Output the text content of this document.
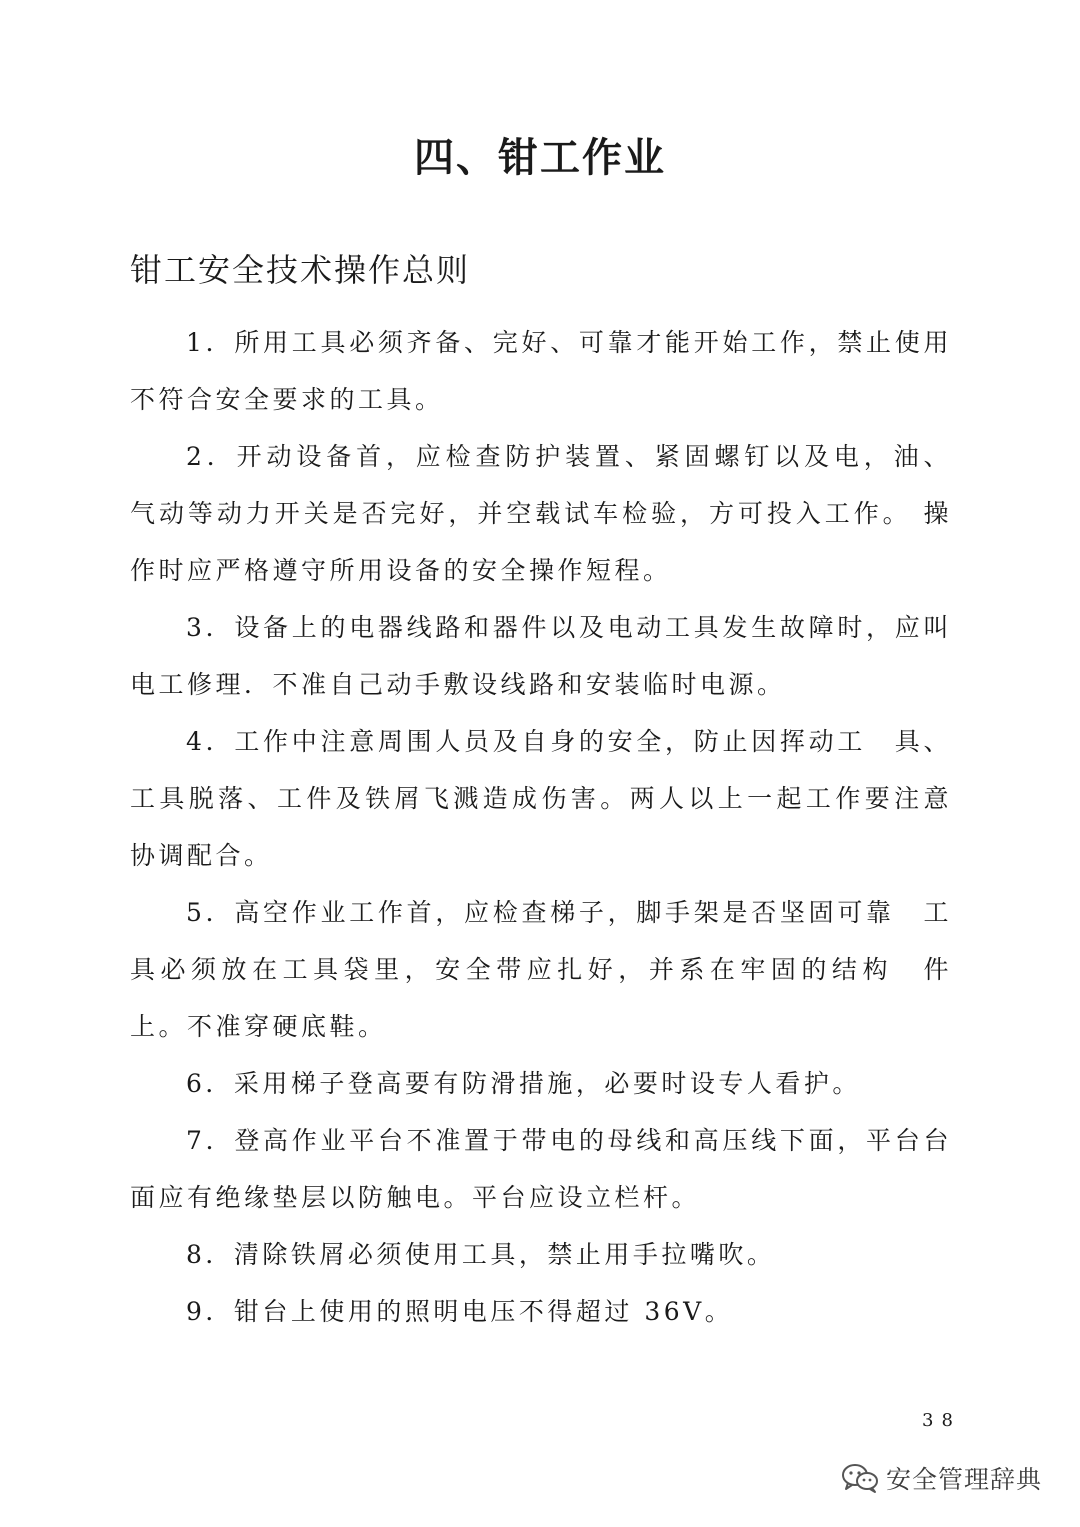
四、钳工作业
钳工安全技术操作总则

1．所用工具必须齐备、完好、可靠才能开始工作，禁止使用不符合安全要求的工具。

2．开动设备首，应检查防护装置、紧固螺钉以及电，油、 气动等动力开关是否完好，并空载试车检验，方可投入工作。 操作时应严格遵守所用设备的安全操作短程。

3．设备上的电器线路和器件以及电动工具发生故障时，应叫电工修理．不准自己动手敷设线路和安装临时电源。

4．工作中注意周围人员及自身的安全，防止因挥动工　具、工具脱落、工件及铁屑飞溅造成伤害。两人以上一起工作要注意协调配合。

5．高空作业工作首，应检查梯子，脚手架是否坚固可靠　工具必须放在工具袋里，安全带应扎好，并系在牢固的结构　件上。不准穿硬底鞋。

6．采用梯子登高要有防滑措施，必要时设专人看护。

7．登高作业平台不准置于带电的母线和高压线下面，平台台面应有绝缘垫层以防触电。平台应设立栏杆。

8．清除铁屑必须使用工具，禁止用手拉嘴吹。

9．钳台上使用的照明电压不得超过 36V。

38
安全管理辞典
